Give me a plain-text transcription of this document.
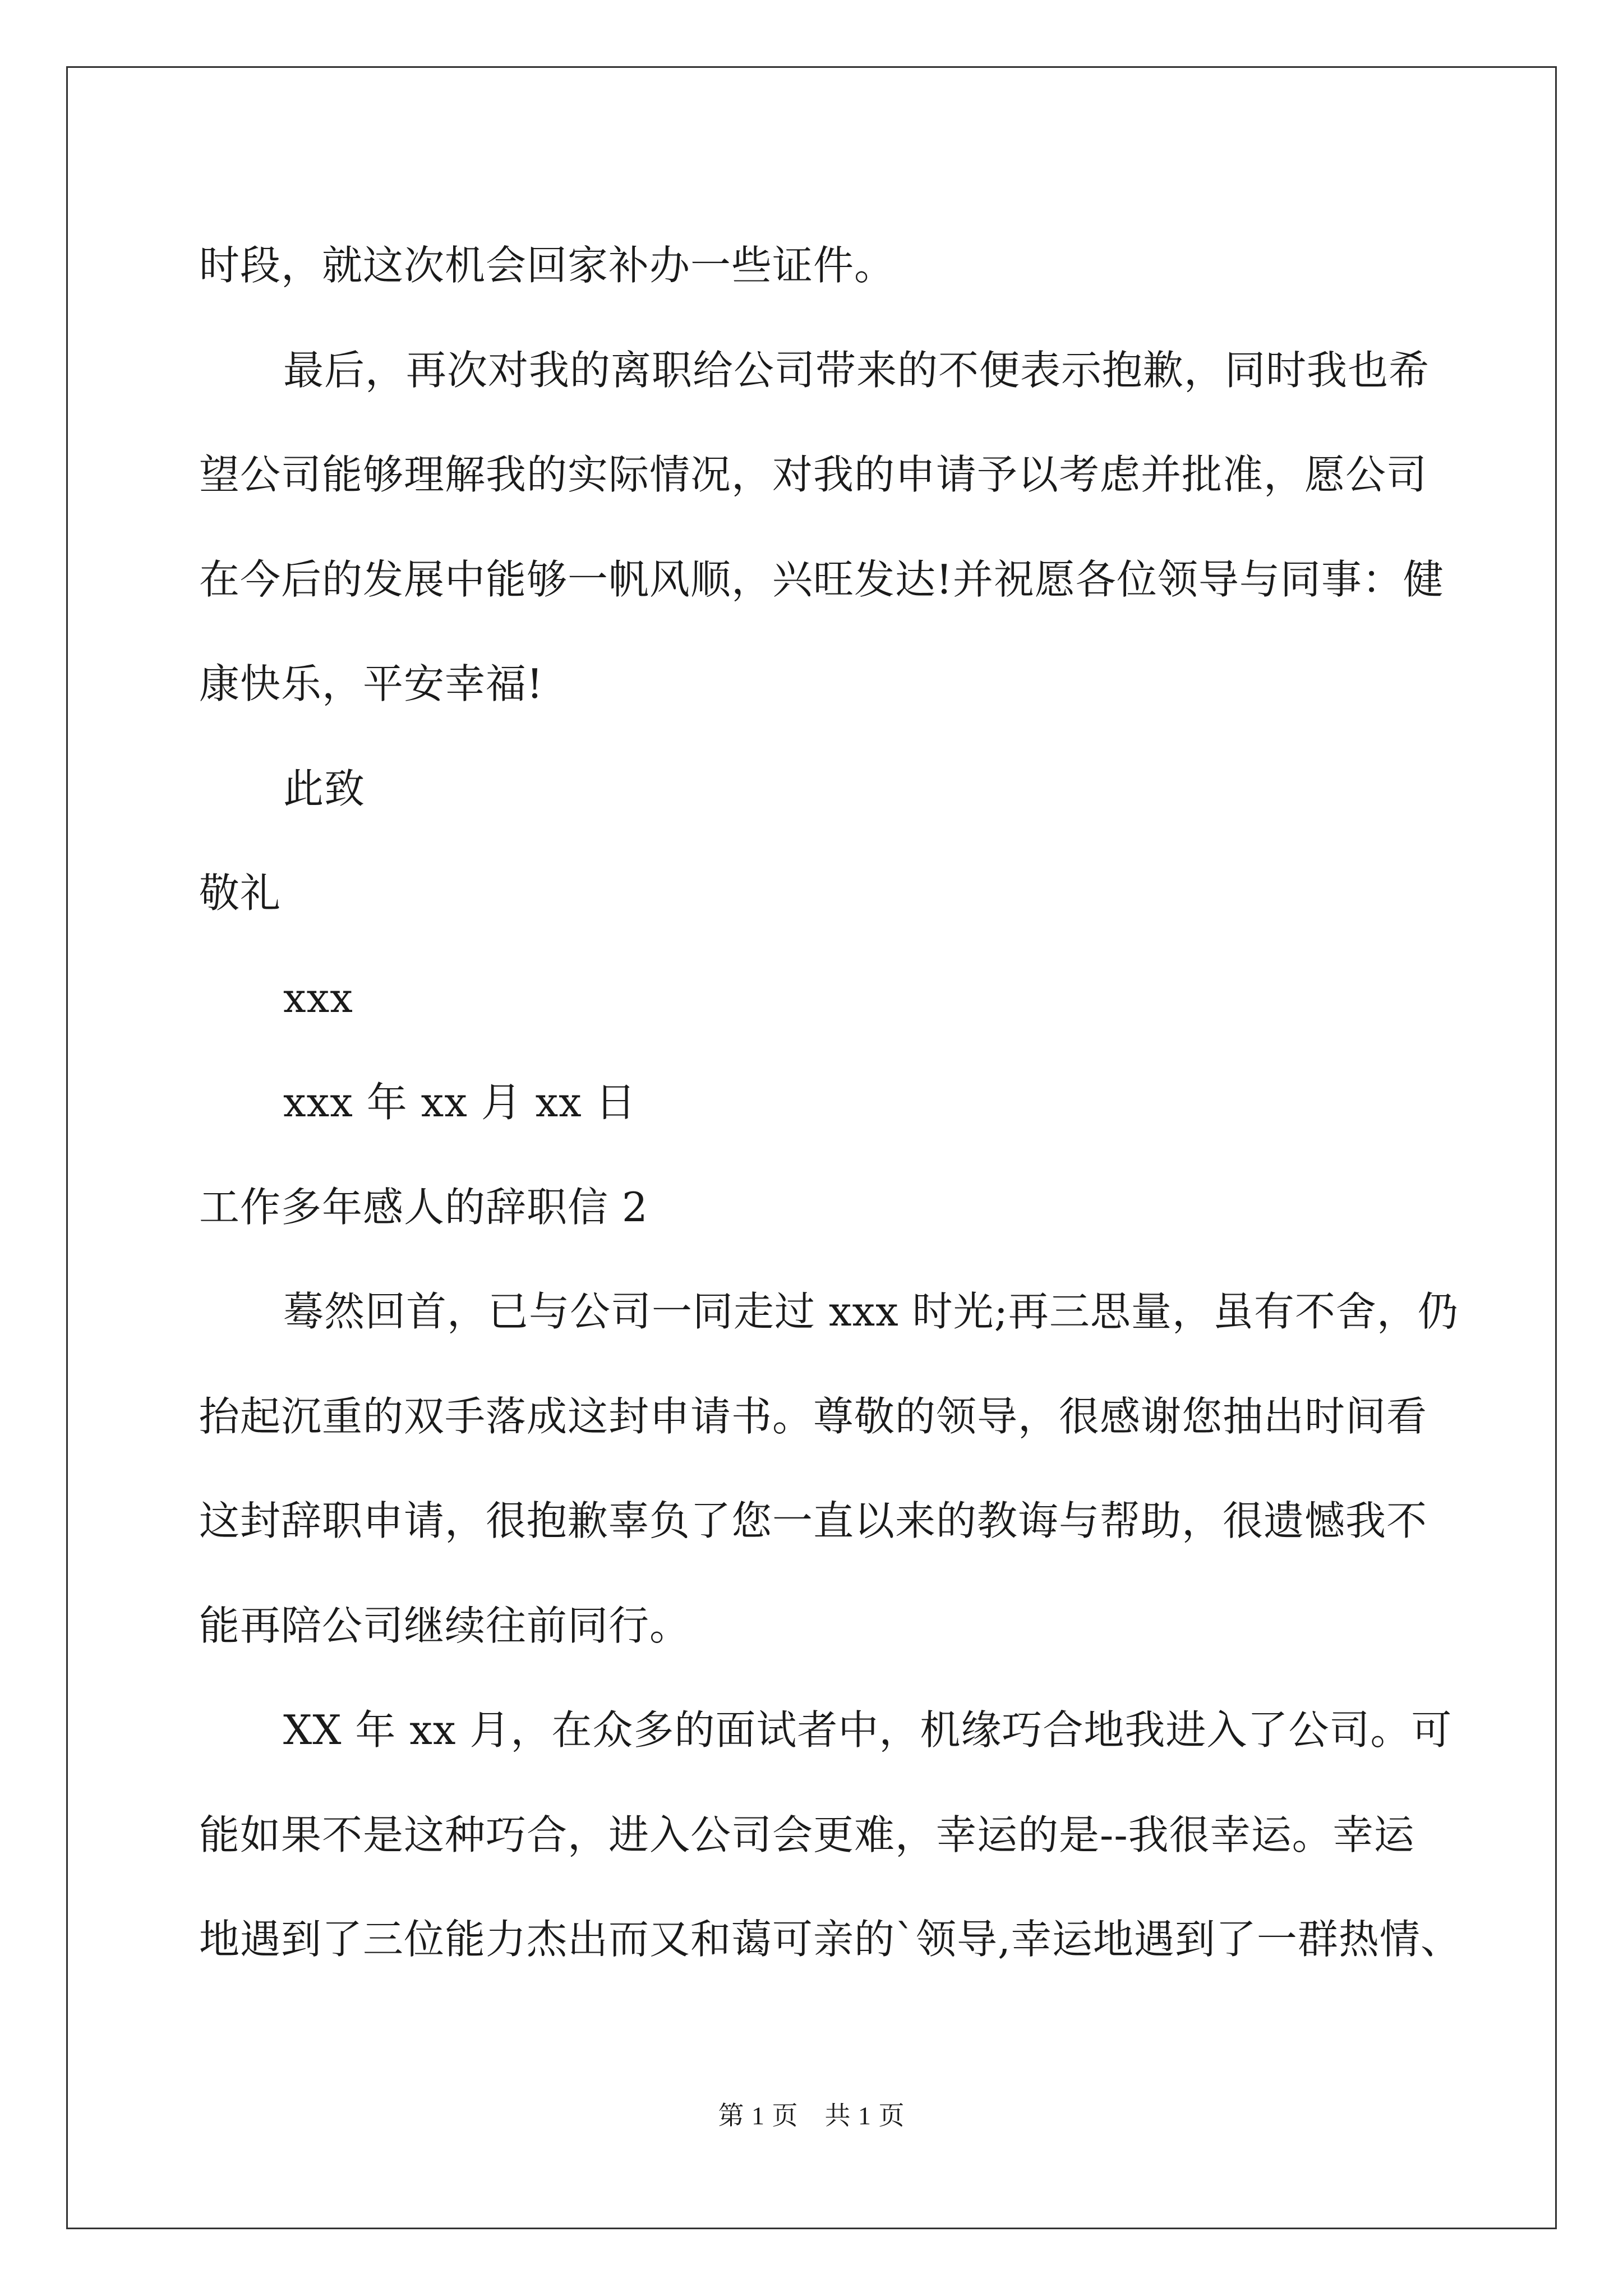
时段，就这次机会回家补办一些证件。

最后，再次对我的离职给公司带来的不便表示抱歉，同时我也希

望公司能够理解我的实际情况，对我的申请予以考虑并批准，愿公司

在今后的发展中能够一帆风顺，兴旺发达!并祝愿各位领导与同事：健

康快乐，平安幸福!

此致

敬礼

xxx

xxx 年 xx 月 xx 日

工作多年感人的辞职信 2

蓦然回首，已与公司一同走过 xxx 时光;再三思量，虽有不舍，仍

抬起沉重的双手落成这封申请书。尊敬的领导，很感谢您抽出时间看

这封辞职申请，很抱歉辜负了您一直以来的教诲与帮助，很遗憾我不

能再陪公司继续往前同行。

XX 年 xx 月，在众多的面试者中，机缘巧合地我进入了公司。可

能如果不是这种巧合，进入公司会更难，幸运的是--我很幸运。幸运

地遇到了三位能力杰出而又和蔼可亲的`领导,幸运地遇到了一群热情、

第 1 页　共 1 页
